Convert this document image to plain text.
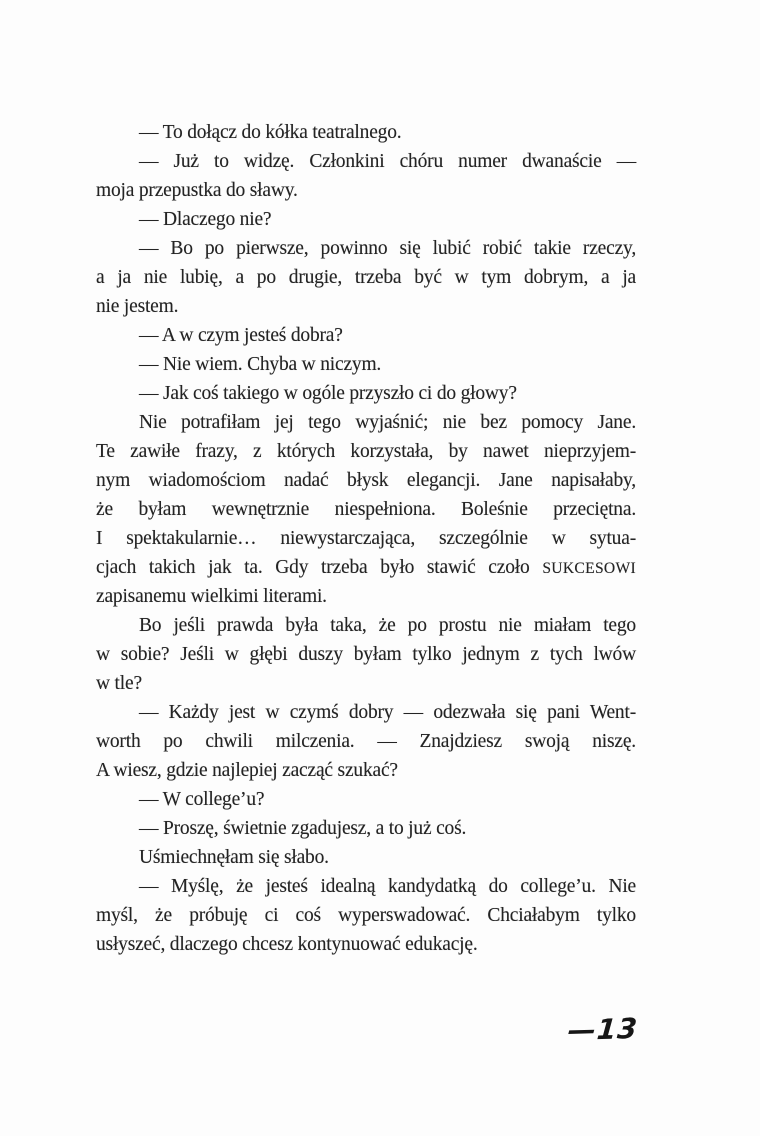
— To dołącz do kółka teatralnego.
— Już to widzę. Członkini chóru numer dwanaście —
moja przepustka do sławy.
— Dlaczego nie?
— Bo po pierwsze, powinno się lubić robić takie rzeczy,
a ja nie lubię, a po drugie, trzeba być w tym dobrym, a ja
nie jestem.
— A w czym jesteś dobra?
— Nie wiem. Chyba w niczym.
— Jak coś takiego w ogóle przyszło ci do głowy?
Nie potrafiłam jej tego wyjaśnić; nie bez pomocy Jane.
Te zawiłe frazy, z których korzystała, by nawet nieprzyjem-
nym wiadomościom nadać błysk elegancji. Jane napisałaby,
że byłam wewnętrznie niespełniona. Boleśnie przeciętna.
I spektakularnie… niewystarczająca, szczególnie w sytua-
cjach takich jak ta. Gdy trzeba było stawić czoło SUKCESOWI
zapisanemu wielkimi literami.
Bo jeśli prawda była taka, że po prostu nie miałam tego
w sobie? Jeśli w głębi duszy byłam tylko jednym z tych lwów
w tle?
— Każdy jest w czymś dobry — odezwała się pani Went-
worth po chwili milczenia. — Znajdziesz swoją niszę.
A wiesz, gdzie najlepiej zacząć szukać?
— W college’u?
— Proszę, świetnie zgadujesz, a to już coś.
Uśmiechnęłam się słabo.
— Myślę, że jesteś idealną kandydatką do college’u. Nie
myśl, że próbuję ci coś wyperswadować. Chciałabym tylko
usłyszeć, dlaczego chcesz kontynuować edukację.
—13
